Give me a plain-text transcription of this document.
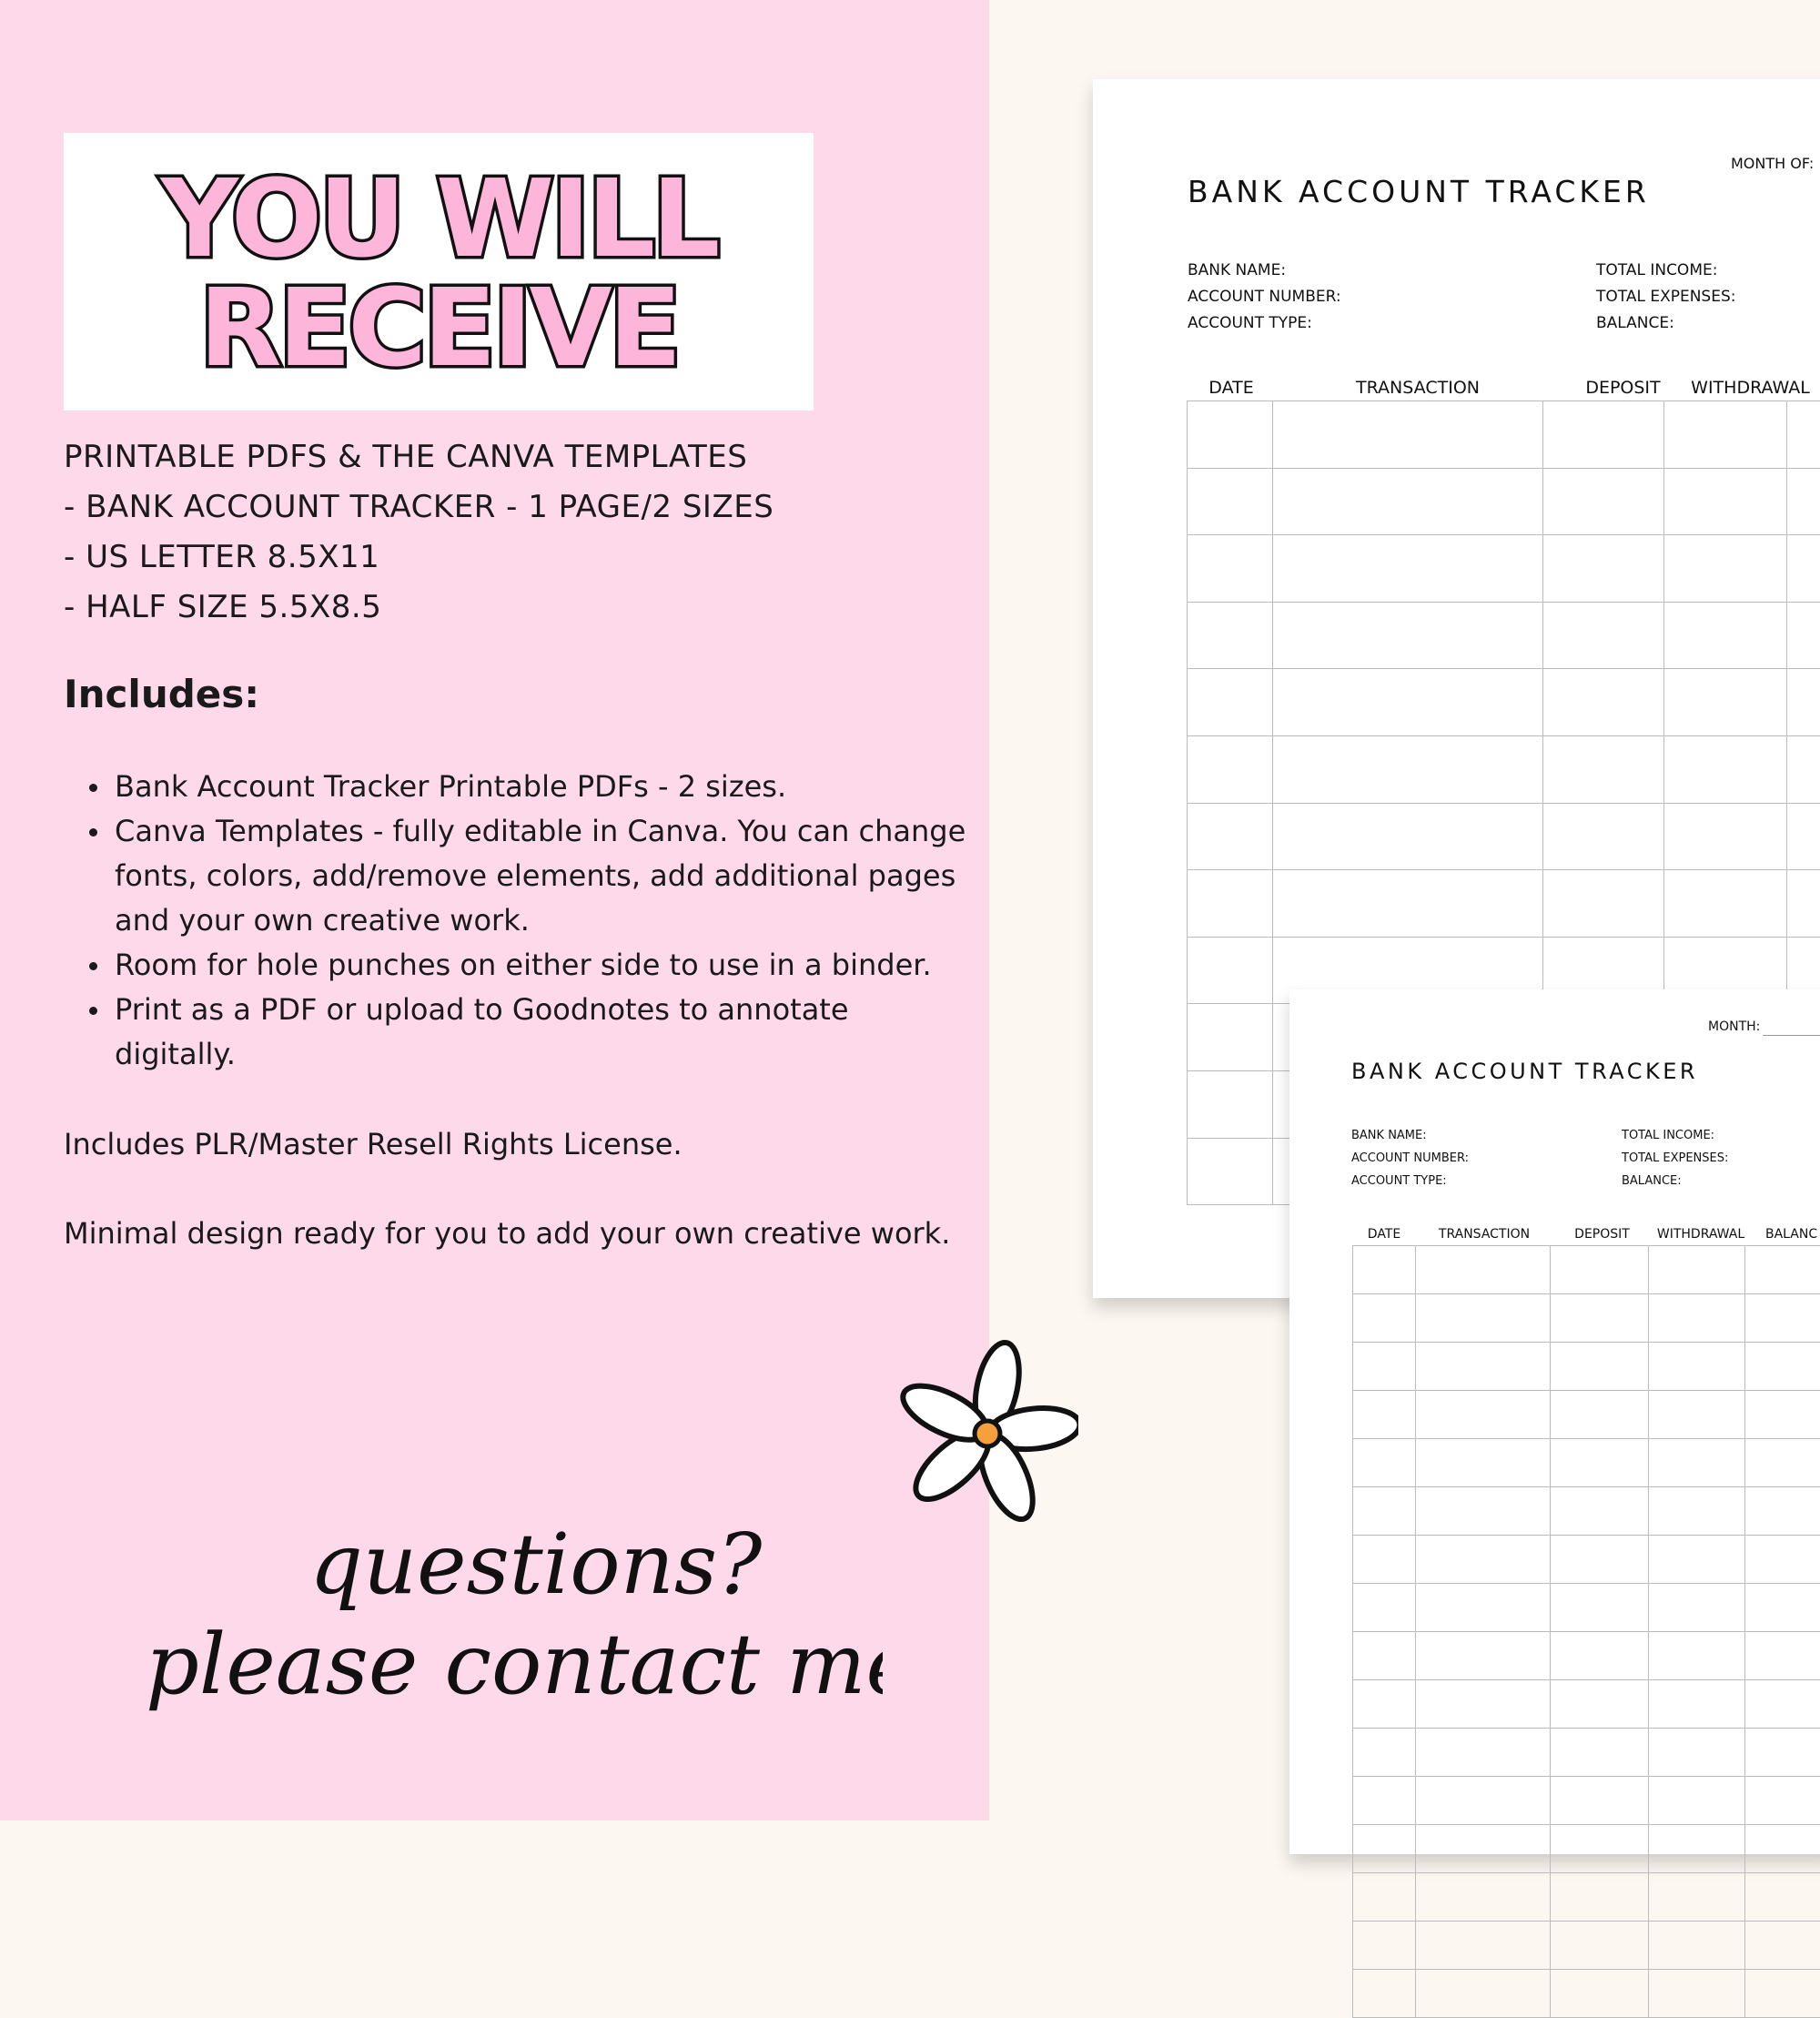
YOU WILL
RECEIVE
PRINTABLE PDFS & THE CANVA TEMPLATES
- BANK ACCOUNT TRACKER - 1 PAGE/2 SIZES
- US LETTER 8.5X11
- HALF SIZE 5.5X8.5
Includes:
Bank Account Tracker Printable PDFs - 2 sizes.
Canva Templates - fully editable in Canva. You can change fonts, colors, add/remove elements, add additional pages and your own creative work.
Room for hole punches on either side to use in a binder.
Print as a PDF or upload to Goodnotes to annotate digitally.
Includes PLR/Master Resell Rights License.
Minimal design ready for you to add your own creative work.
questions?
please contact me!
MONTH OF:
BANK ACCOUNT TRACKER
BANK NAME:
ACCOUNT NUMBER:
ACCOUNT TYPE:
TOTAL INCOME:
TOTAL EXPENSES:
BALANCE:
DATE	TRANSACTION	DEPOSIT	WITHDRAWAL

MONTH:
BANK ACCOUNT TRACKER
BANK NAME:
ACCOUNT NUMBER:
ACCOUNT TYPE:
TOTAL INCOME:
TOTAL EXPENSES:
BALANCE:
DATE	TRANSACTION	DEPOSIT	WITHDRAWAL	BALANC
